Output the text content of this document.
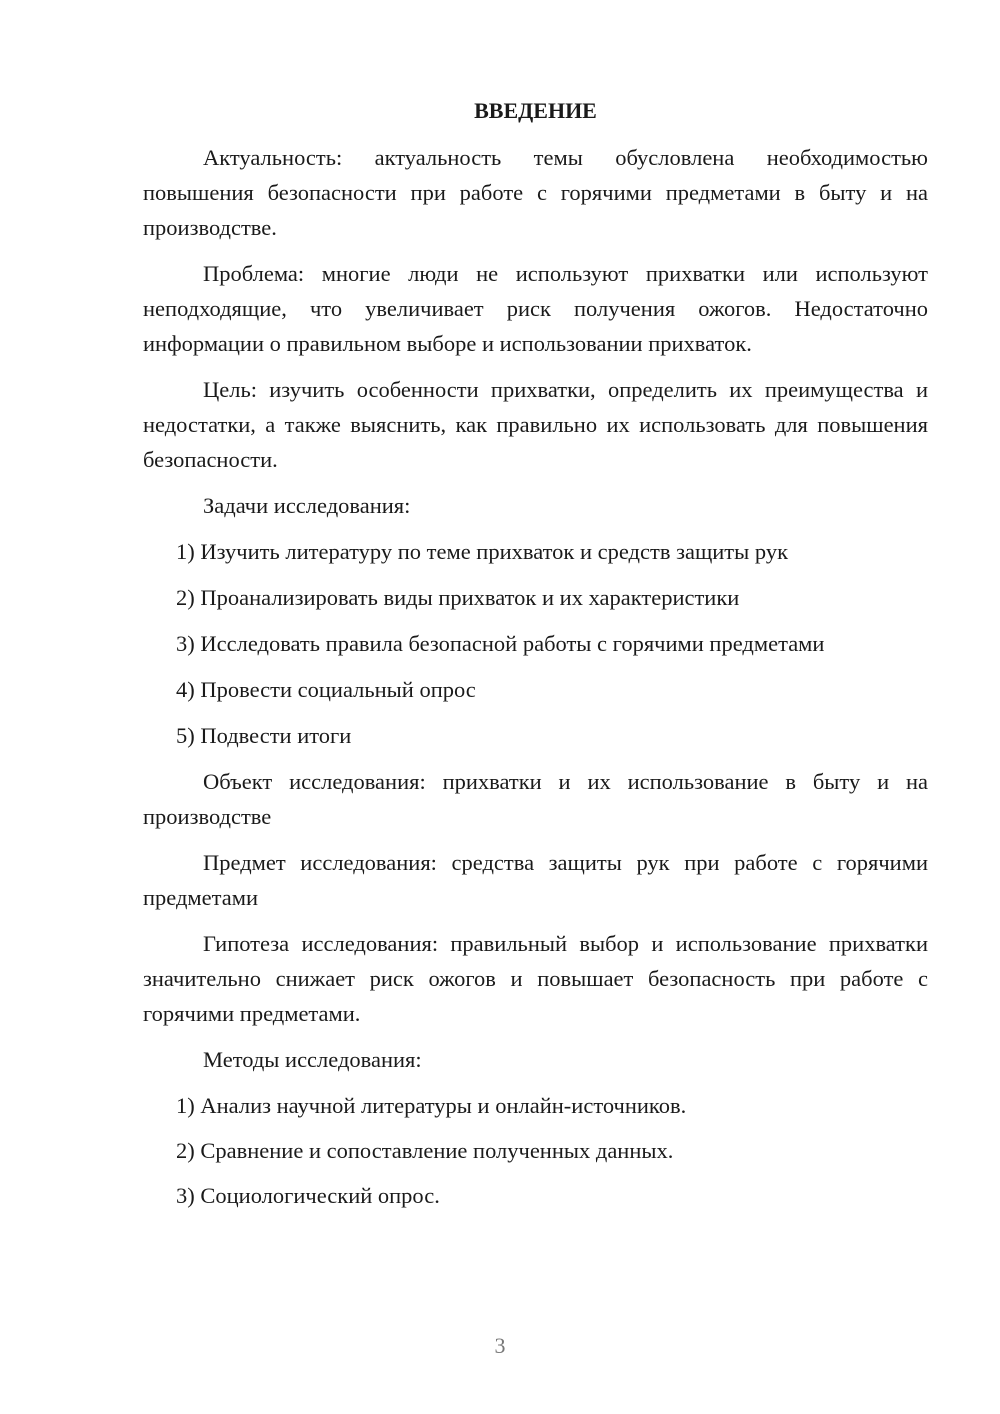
ВВЕДЕНИЕ

Актуальность: актуальность темы обусловлена необходимостью повышения безопасности при работе с горячими предметами в быту и на производстве.

Проблема: многие люди не используют прихватки или используют неподходящие, что увеличивает риск получения ожогов. Недостаточно информации о правильном выборе и использовании прихваток.

Цель: изучить особенности прихватки, определить их преимущества и недостатки, а также выяснить, как правильно их использовать для повышения безопасности.

Задачи исследования:

1) Изучить литературу по теме прихваток и средств защиты рук
2) Проанализировать виды прихваток и их характеристики
3) Исследовать правила безопасной работы с горячими предметами
4) Провести социальный опрос
5) Подвести итоги

Объект исследования: прихватки и их использование в быту и на производстве

Предмет исследования: средства защиты рук при работе с горячими предметами

Гипотеза исследования: правильный выбор и использование прихватки значительно снижает риск ожогов и повышает безопасность при работе с горячими предметами.

Методы исследования:

1) Анализ научной литературы и онлайн-источников.
2) Сравнение и сопоставление полученных данных.
3) Социологический опрос.
3
